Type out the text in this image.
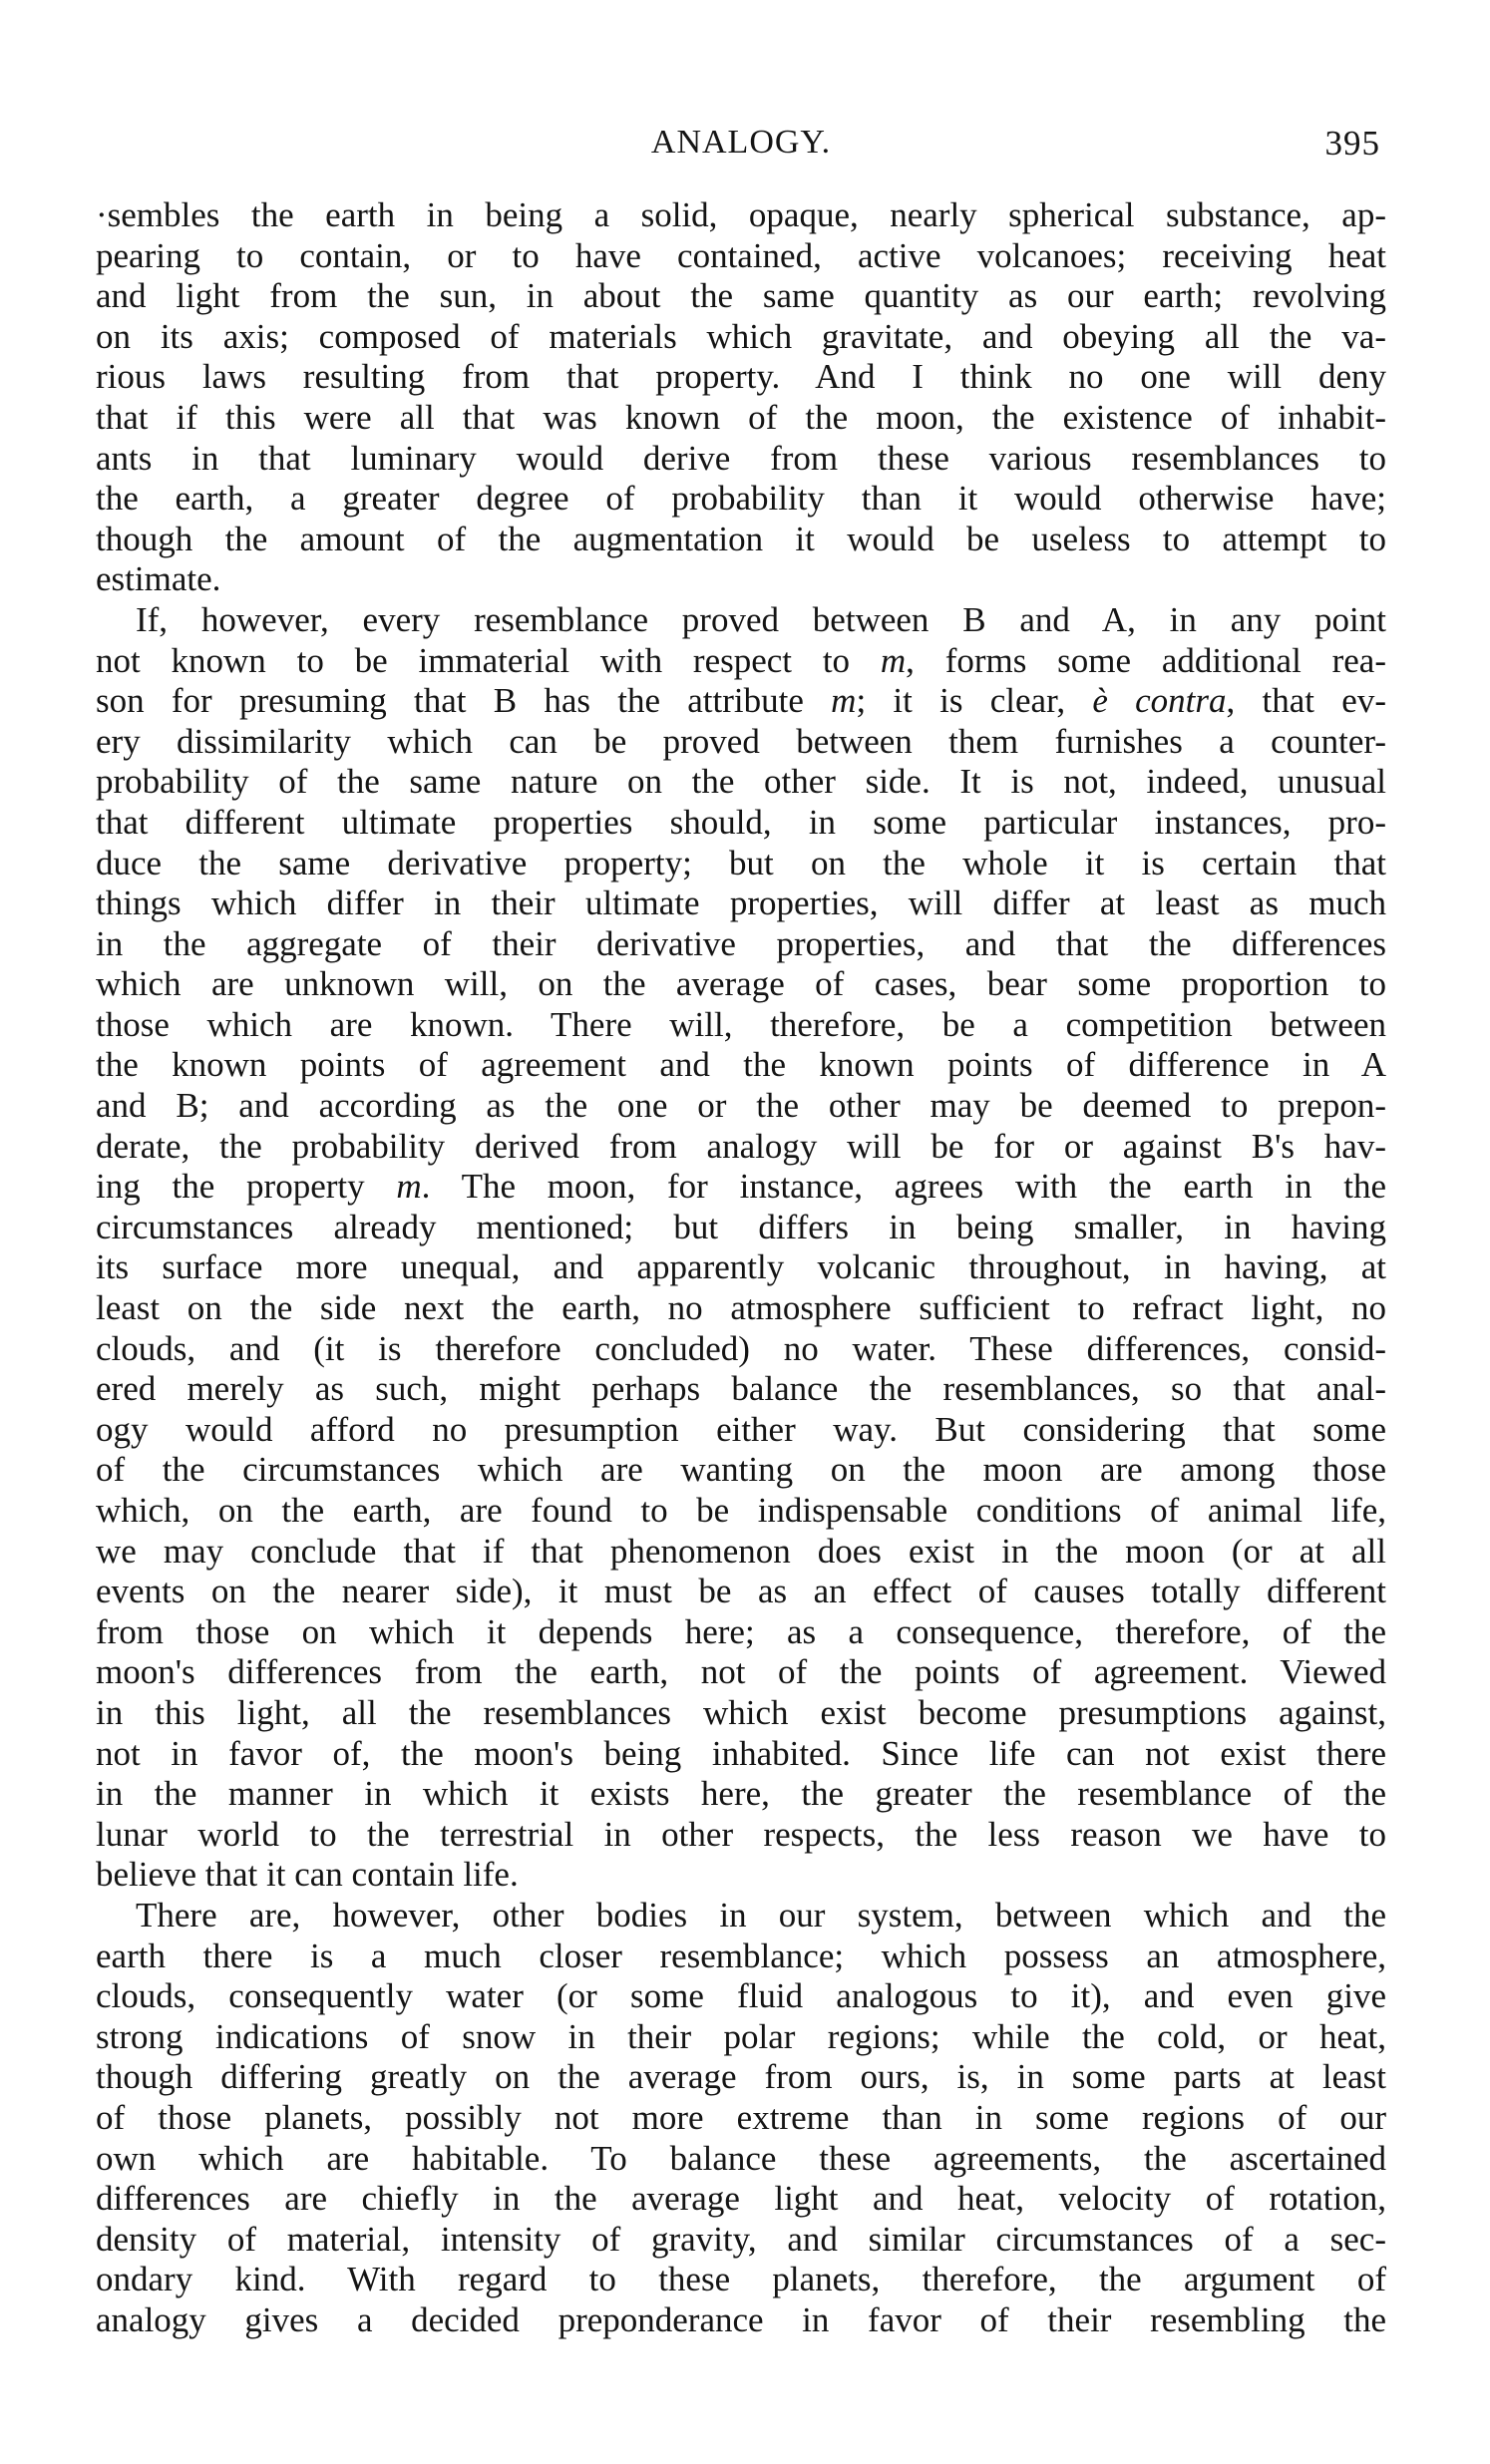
ANALOGY.	395
·sembles the earth in being a solid, opaque, nearly spherical substance, ap-
pearing to contain, or to have contained, active volcanoes; receiving heat
and light from the sun, in about the same quantity as our earth; revolving
on its axis; composed of materials which gravitate, and obeying all the va-
rious laws resulting from that property. And I think no one will deny
that if this were all that was known of the moon, the existence of inhabit-
ants in that luminary would derive from these various resemblances to
the earth, a greater degree of probability than it would otherwise have;
though the amount of the augmentation it would be useless to attempt to
estimate.
If, however, every resemblance proved between B and A, in any point
not known to be immaterial with respect to m, forms some additional rea-
son for presuming that B has the attribute m; it is clear, è contra, that ev-
ery dissimilarity which can be proved between them furnishes a counter-
probability of the same nature on the other side. It is not, indeed, unusual
that different ultimate properties should, in some particular instances, pro-
duce the same derivative property; but on the whole it is certain that
things which differ in their ultimate properties, will differ at least as much
in the aggregate of their derivative properties, and that the differences
which are unknown will, on the average of cases, bear some proportion to
those which are known. There will, therefore, be a competition between
the known points of agreement and the known points of difference in A
and B; and according as the one or the other may be deemed to prepon-
derate, the probability derived from analogy will be for or against B's hav-
ing the property m. The moon, for instance, agrees with the earth in the
circumstances already mentioned; but differs in being smaller, in having
its surface more unequal, and apparently volcanic throughout, in having, at
least on the side next the earth, no atmosphere sufficient to refract light, no
clouds, and (it is therefore concluded) no water. These differences, consid-
ered merely as such, might perhaps balance the resemblances, so that anal-
ogy would afford no presumption either way. But considering that some
of the circumstances which are wanting on the moon are among those
which, on the earth, are found to be indispensable conditions of animal life,
we may conclude that if that phenomenon does exist in the moon (or at all
events on the nearer side), it must be as an effect of causes totally different
from those on which it depends here; as a consequence, therefore, of the
moon's differences from the earth, not of the points of agreement. Viewed
in this light, all the resemblances which exist become presumptions against,
not in favor of, the moon's being inhabited. Since life can not exist there
in the manner in which it exists here, the greater the resemblance of the
lunar world to the terrestrial in other respects, the less reason we have to
believe that it can contain life.
There are, however, other bodies in our system, between which and the
earth there is a much closer resemblance; which possess an atmosphere,
clouds, consequently water (or some fluid analogous to it), and even give
strong indications of snow in their polar regions; while the cold, or heat,
though differing greatly on the average from ours, is, in some parts at least
of those planets, possibly not more extreme than in some regions of our
own which are habitable. To balance these agreements, the ascertained
differences are chiefly in the average light and heat, velocity of rotation,
density of material, intensity of gravity, and similar circumstances of a sec-
ondary kind. With regard to these planets, therefore, the argument of
analogy gives a decided preponderance in favor of their resembling the
